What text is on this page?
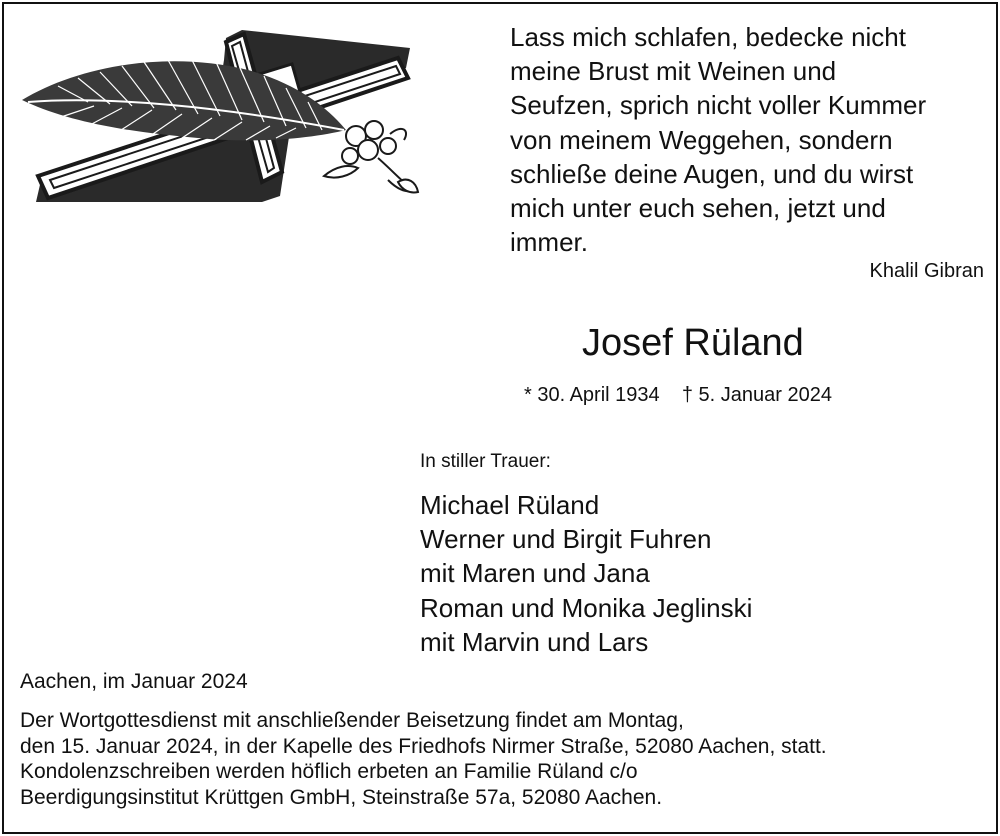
Lass mich schlafen, bedecke nicht
meine Brust mit Weinen und
Seufzen, sprich nicht voller Kummer
von meinem Weggehen, sondern
schließe deine Augen, und du wirst
mich unter euch sehen, jetzt und
immer.
Khalil Gibran
Josef Rüland
* 30. April 1934    † 5. Januar 2024
In stiller Trauer:
Michael Rüland
Werner und Birgit Fuhren
mit Maren und Jana
Roman und Monika Jeglinski
mit Marvin und Lars
Aachen, im Januar 2024
Der Wortgottesdienst mit anschließender Beisetzung findet am Montag,
den 15. Januar 2024, in der Kapelle des Friedhofs Nirmer Straße, 52080 Aachen, statt.
Kondolenzschreiben werden höflich erbeten an Familie Rüland c/o
Beerdigungsinstitut Krüttgen GmbH, Steinstraße 57a, 52080 Aachen.
